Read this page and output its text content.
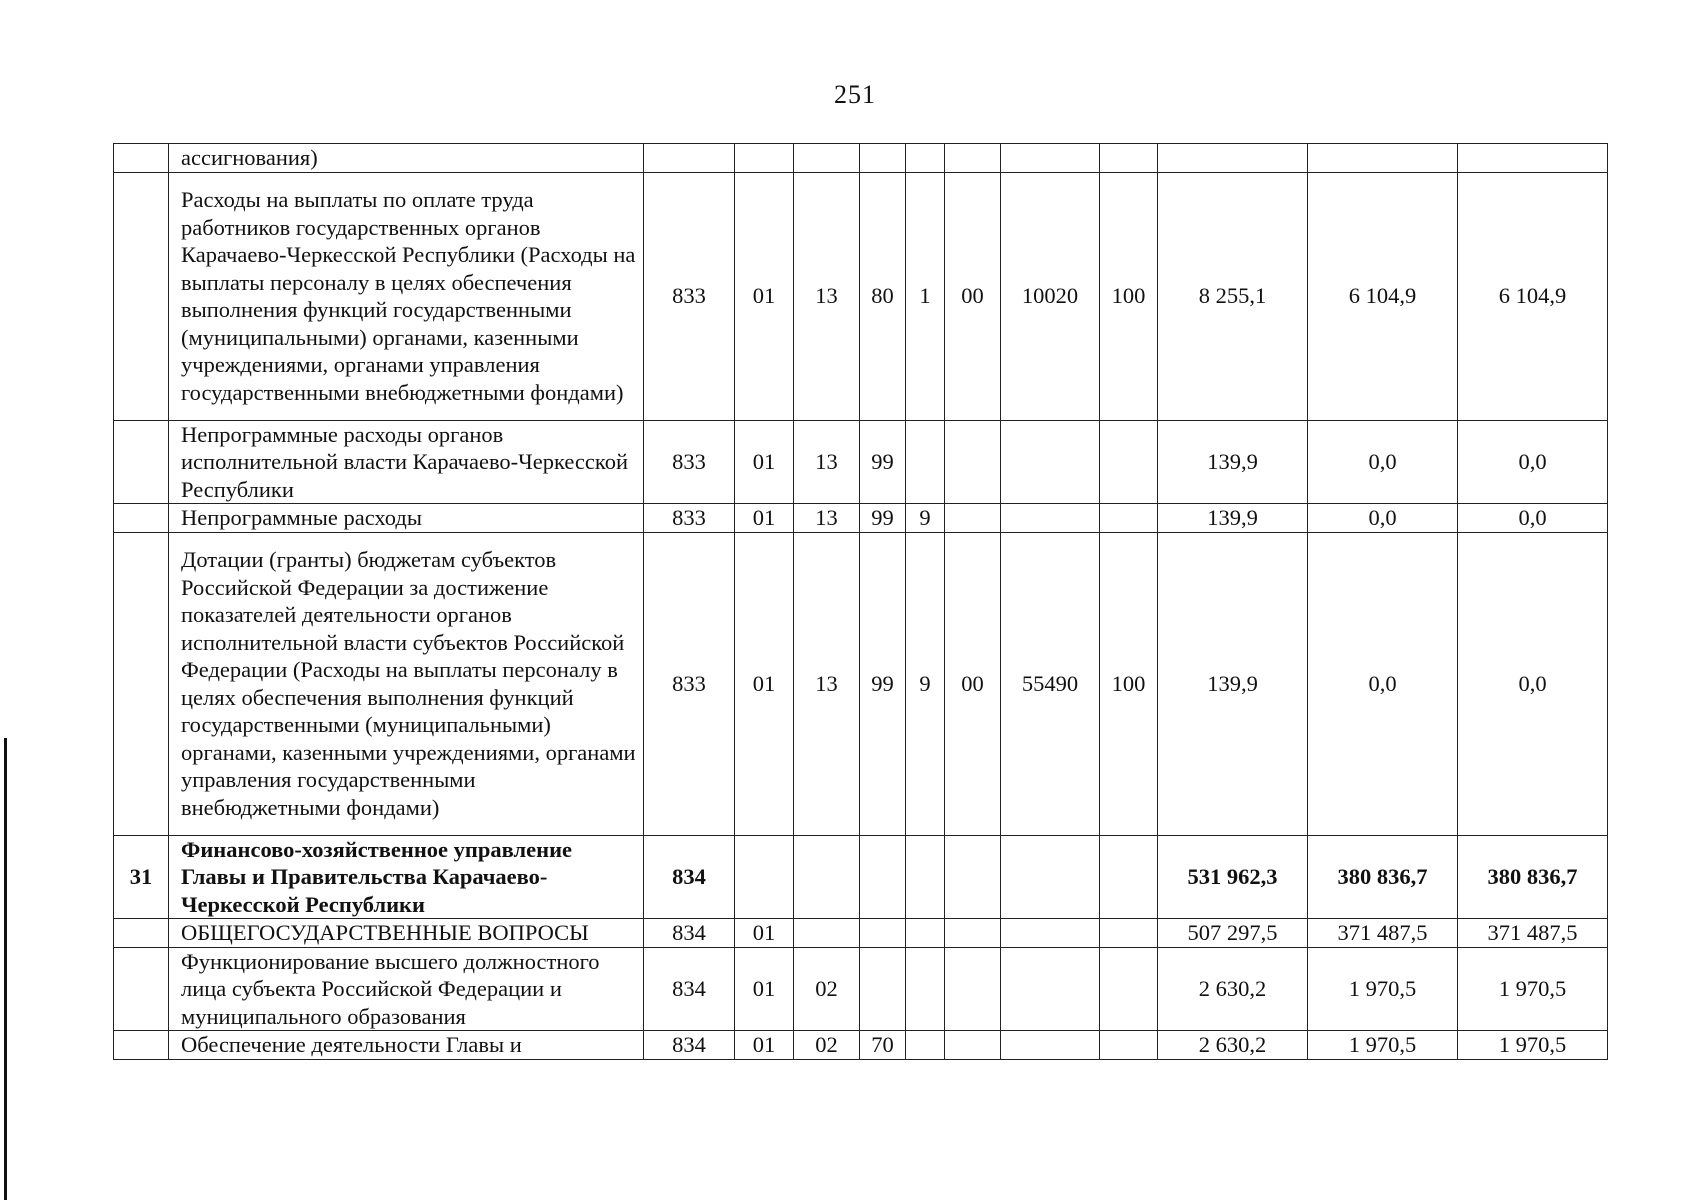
251
	ассигнования)											
	Расходы на выплаты по оплате труда работников государственных органов Карачаево-Черкесской Республики (Расходы на выплаты персоналу в целях обеспечения выполнения функций государственными (муниципальными) органами, казенными учреждениями, органами управления государственными внебюджетными фондами)	833	01	13	80	1	00	10020	100	8 255,1	6 104,9	6 104,9
	Непрограммные расходы органов исполнительной власти Карачаево-Черкесской Республики	833	01	13	99					139,9	0,0	0,0
	Непрограммные расходы	833	01	13	99	9				139,9	0,0	0,0
	Дотации (гранты) бюджетам субъектов Российской Федерации за достижение показателей деятельности органов исполнительной власти субъектов Российской Федерации (Расходы на выплаты персоналу в целях обеспечения выполнения функций государственными (муниципальными) органами, казенными учреждениями, органами управления государственными внебюджетными фондами)	833	01	13	99	9	00	55490	100	139,9	0,0	0,0
31	Финансово-хозяйственное управление Главы и Правительства Карачаево-Черкесской Республики	834								531 962,3	380 836,7	380 836,7
	ОБЩЕГОСУДАРСТВЕННЫЕ ВОПРОСЫ	834	01							507 297,5	371 487,5	371 487,5
	Функционирование высшего должностного лица субъекта Российской Федерации и муниципального образования	834	01	02						2 630,2	1 970,5	1 970,5
	Обеспечение деятельности Главы и	834	01	02	70					2 630,2	1 970,5	1 970,5
